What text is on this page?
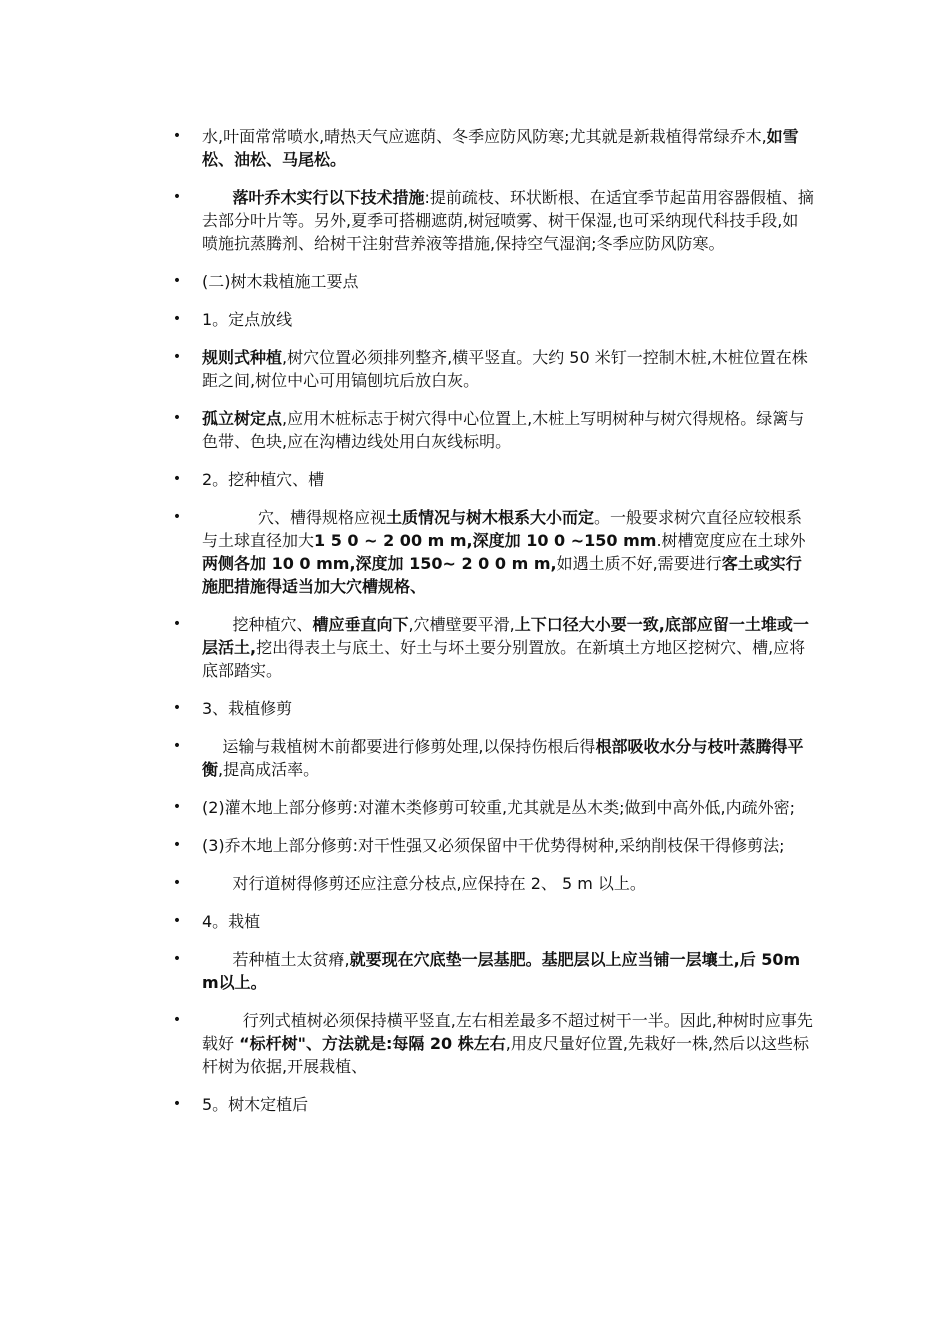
• 水,叶面常常喷水,晴热天气应遮荫、冬季应防风防寒;尤其就是新栽植得常绿乔木,如雪松、油松、马尾松。
•	落叶乔木实行以下技术措施:提前疏枝、环状断根、在适宜季节起苗用容器假植、摘去部分叶片等。另外,夏季可搭棚遮荫,树冠喷雾、树干保湿,也可采纳现代科技手段,如喷施抗蒸腾剂、给树干注射营养液等措施,保持空气湿润;冬季应防风防寒。
• (二)树木栽植施工要点
• 1。定点放线
• 规则式种植,树穴位置必须排列整齐,横平竖直。大约 50 米钉一控制木桩,木桩位置在株距之间,树位中心可用镐刨坑后放白灰。
• 孤立树定点,应用木桩标志于树穴得中心位置上,木桩上写明树种与树穴得规格。绿篱与色带、色块,应在沟槽边线处用白灰线标明。
• 2。挖种植穴、槽
• 穴、槽得规格应视土质情况与树木根系大小而定。一般要求树穴直径应较根系与土球直径加大1 5 0 ~ 2 00 m m,深度加 10 0 ~150 mm.树槽宽度应在土球外两侧各加 10 0 mm,深度加 150~ 2 0 0 m m,如遇土质不好,需要进行客土或实行施肥措施得适当加大穴槽规格、
• 挖种植穴、槽应垂直向下,穴槽壁要平滑,上下口径大小要一致,底部应留一土堆或一层活土,挖出得表土与底土、好土与坏土要分别置放。在新填土方地区挖树穴、槽,应将底部踏实。
• 3、栽植修剪
• 运输与栽植树木前都要进行修剪处理,以保持伤根后得根部吸收水分与枝叶蒸腾得平衡,提高成活率。
• (2)灌木地上部分修剪:对灌木类修剪可较重,尤其就是丛木类;做到中高外低,内疏外密;
• (3)乔木地上部分修剪:对干性强又必须保留中干优势得树种,采纳削枝保干得修剪法;
• 对行道树得修剪还应注意分枝点,应保持在 2、 5 m 以上。
• 4。栽植
• 若种植土太贫瘠,就要现在穴底垫一层基肥。基肥层以上应当铺一层壤土,后 50m m以上。
• 行列式植树必须保持横平竖直,左右相差最多不超过树干一半。因此,种树时应事先载好 “标杆树"、方法就是:每隔 20 株左右,用皮尺量好位置,先栽好一株,然后以这些标杆树为依据,开展栽植、
• 5。树木定植后
